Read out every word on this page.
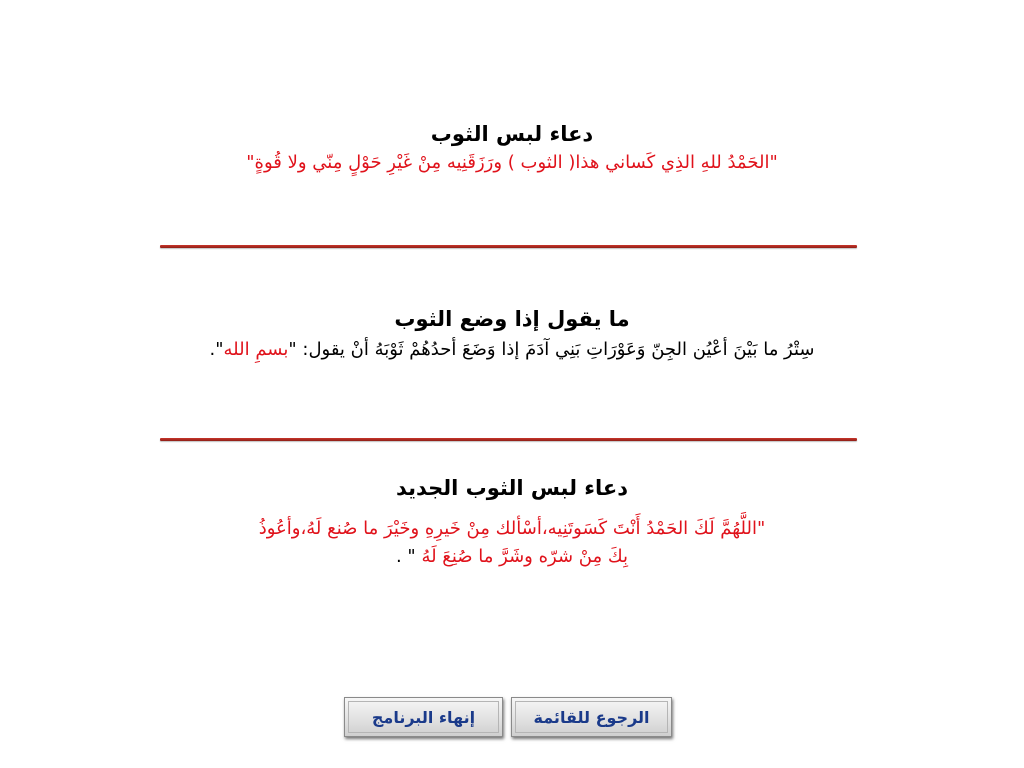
دعاء لبس الثوب
"الحَمْدُ للهِ الذِي كَساني هذا( الثوب ) ورَزَقَنِيه مِنْ غَيْرِ حَوْلٍ مِنّي ولا قُوةٍ"
ما يقول إذا وضع الثوب
سِتْرُ ما بَيْنَ أعْيُن الجِنّ وَعَوْرَاتِ بَنِي آدَمَ إذا وَضَعَ أحدُهُمْ ثَوْبَهُ أنْ يقول: "بسمِ الله".
دعاء لبس الثوب الجديد
"اللَّهُمَّ لَكَ الحَمْدُ أَنْتَ كَسَوتَنِيه،أسْألك مِنْ خَيرِهِ وخَيْرَ ما صُنع لَهُ،وأعُوذُ
بِكَ مِنْ شرّه وشَرَّ ما صُنِعَ لَهُ " .
الرجوع للقائمة
إنهاء البرنامج
